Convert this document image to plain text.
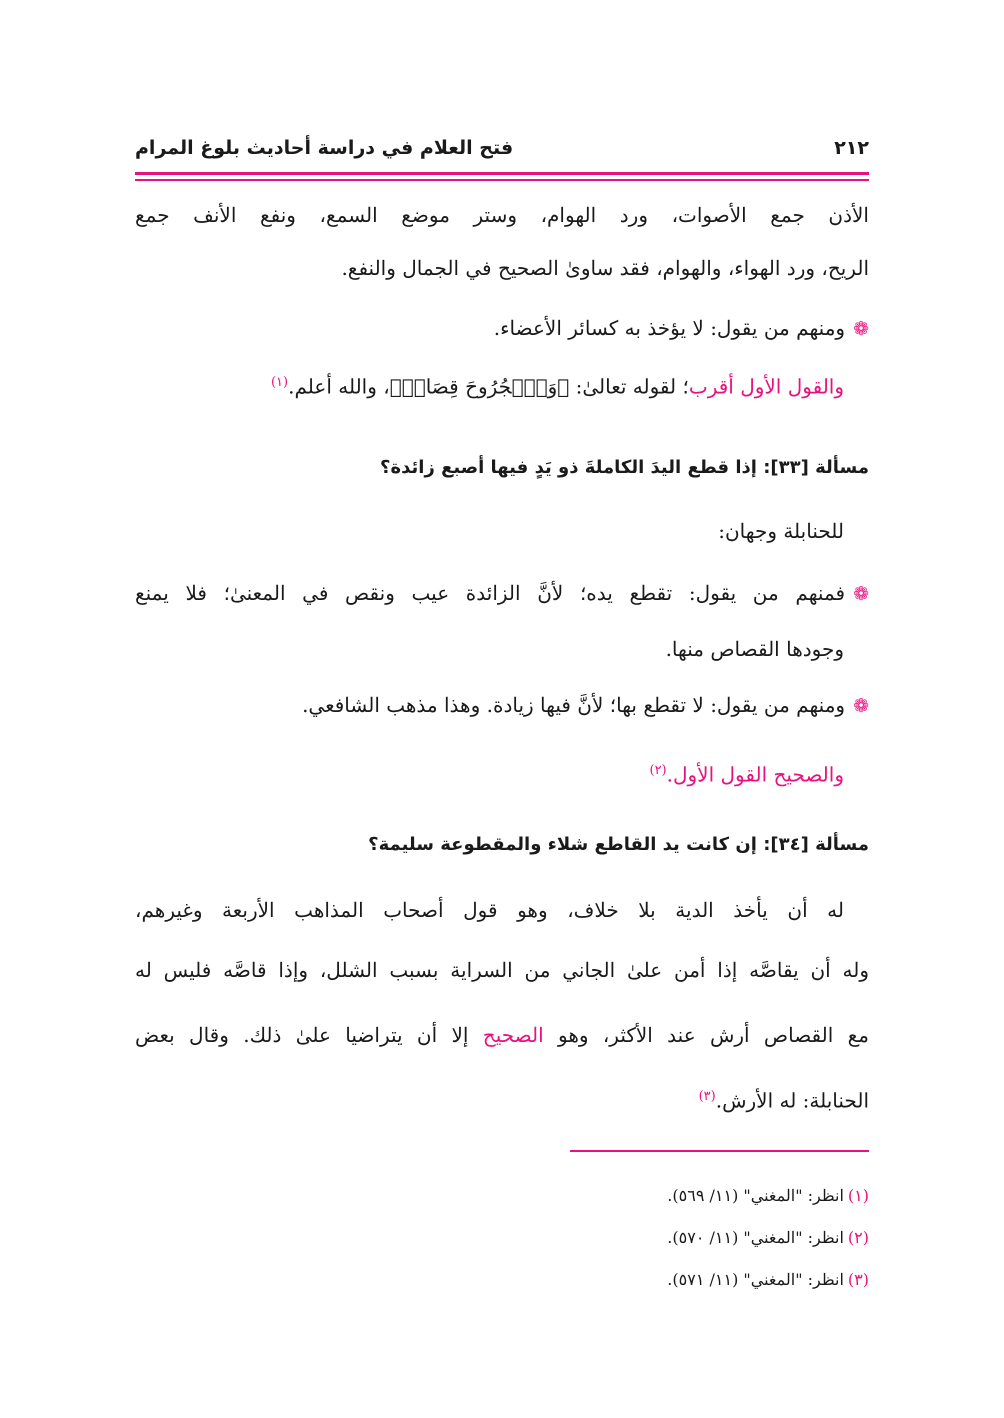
٢١٢
فتح العلام في دراسة أحاديث بلوغ المرام
الأذن جمع الأصوات، ورد الهوام، وستر موضع السمع، ونفع الأنف جمع
الريح، ورد الهواء، والهوام، فقد ساوىٰ الصحيح في الجمال والنفع.
❁ومنهم من يقول: لا يؤخذ به كسائر الأعضاء.
والقول الأول أقرب؛ لقوله تعالىٰ: ﴿وَٱلۡجُرُوحَ قِصَاصٞ﴾، والله أعلم.$^{(١)}$
مسألة [٣٣]: إذا قطع اليدَ الكاملةَ ذو يَدٍ فيها أصبع زائدة؟
للحنابلة وجهان:
❁فمنهم من يقول: تقطع يده؛ لأنَّ الزائدة عيب ونقص في المعنىٰ؛ فلا يمنع
وجودها القصاص منها.
❁ومنهم من يقول: لا تقطع بها؛ لأنَّ فيها زيادة. وهذا مذهب الشافعي.
والصحيح القول الأول.$^{(٢)}$
مسألة [٣٤]: إن كانت يد القاطع شلاء والمقطوعة سليمة؟
له أن يأخذ الدية بلا خلاف، وهو قول أصحاب المذاهب الأربعة وغيرهم،
وله أن يقاصَّه إذا أمن علىٰ الجاني من السراية بسبب الشلل، وإذا قاصَّه فليس له
مع القصاص أرش عند الأكثر، وهو الصحيح إلا أن يتراضيا علىٰ ذلك. وقال بعض
الحنابلة: له الأرش.$^{(٣)}$
(١)انظر: "المغني" (١١/ ٥٦٩).
(٢)انظر: "المغني" (١١/ ٥٧٠).
(٣)انظر: "المغني" (١١/ ٥٧١).
